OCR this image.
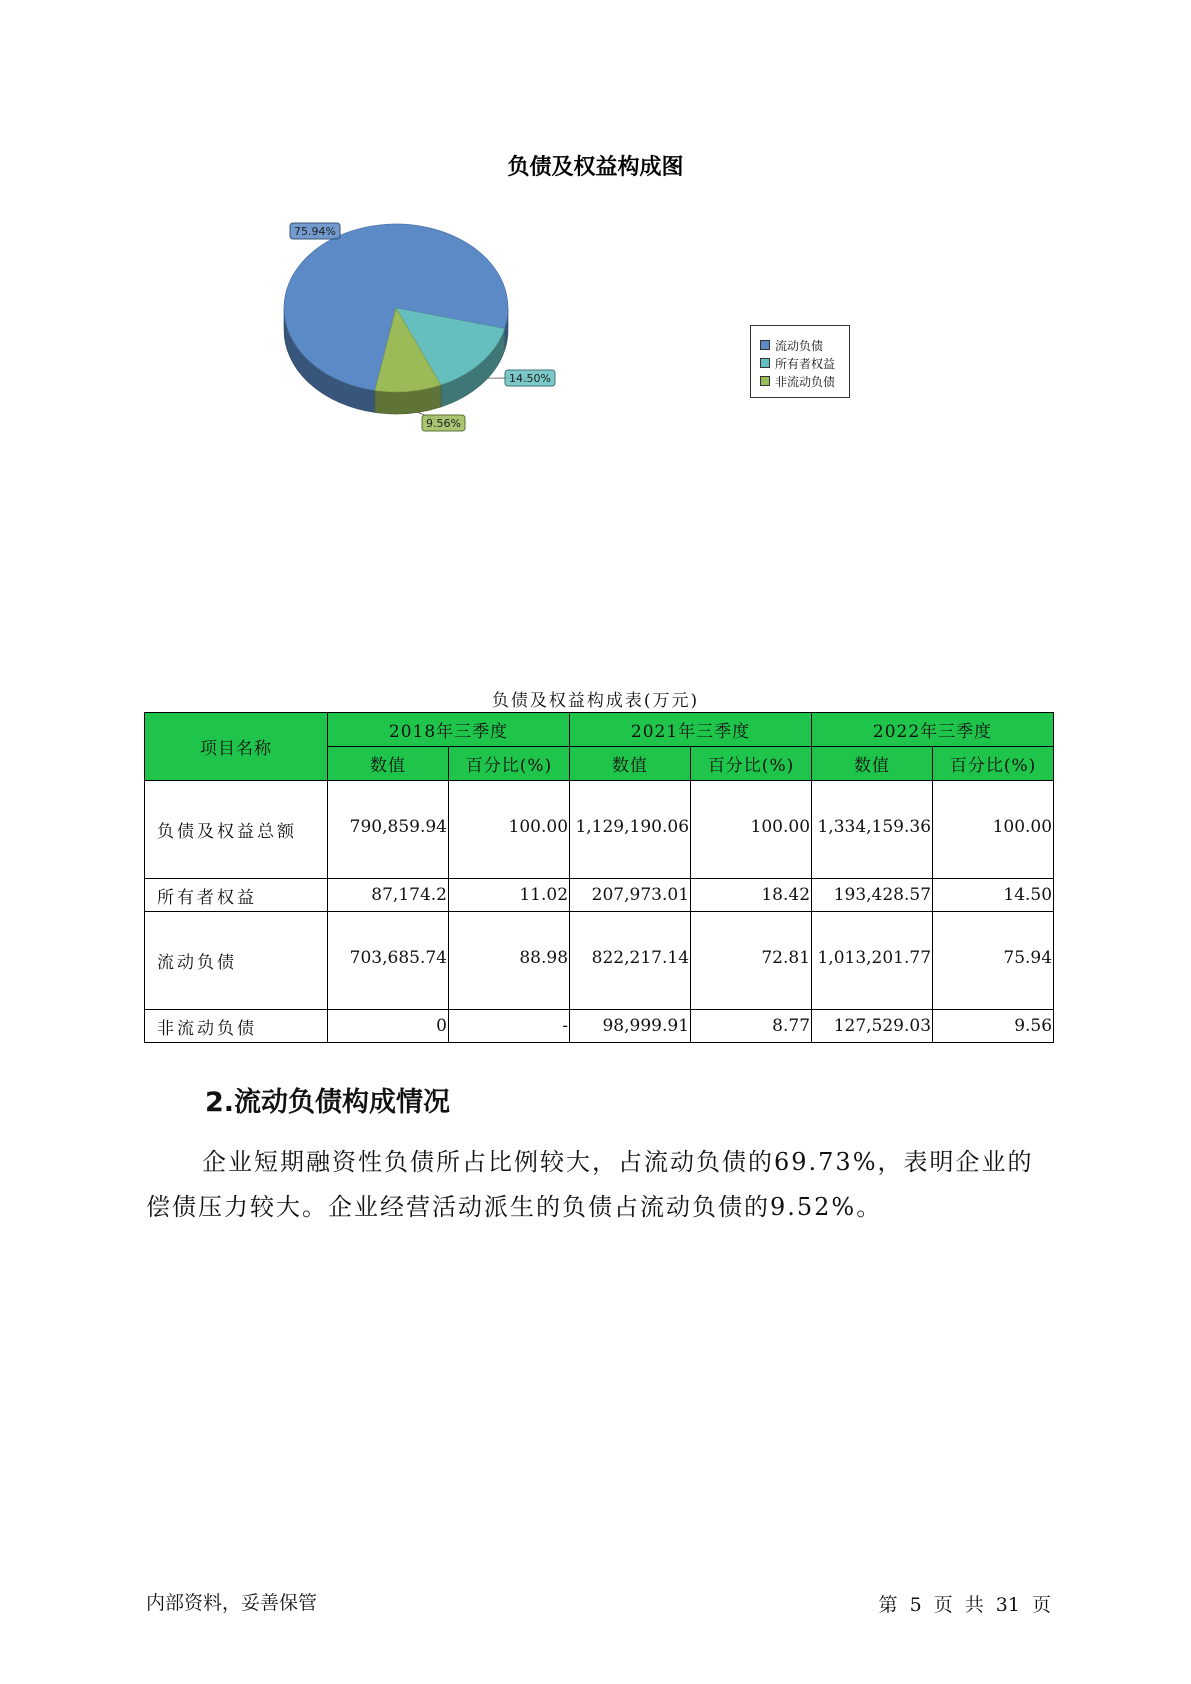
负债及权益构成图
75.94%
14.50%
9.56%
流动负债
所有者权益
非流动负债
负债及权益构成表(万元)
项目名称	2018年三季度		2021年三季度		2022年三季度	
	数值	百分比(%)	数值	百分比(%)	数值	百分比(%)
负债及权益总额	790,859.94	100.00	1,129,190.06	100.00	1,334,159.36	100.00
所有者权益	87,174.2	11.02	207,973.01	18.42	193,428.57	14.50
流动负债	703,685.74	88.98	822,217.14	72.81	1,013,201.77	75.94
非流动负债	0	-	98,999.91	8.77	127,529.03	9.56
2.流动负债构成情况
企业短期融资性负债所占比例较大，占流动负债的69.73%，表明企业的偿债压力较大。企业经营活动派生的负债占流动负债的9.52%。
内部资料，妥善保管	第 5 页 共 31 页
